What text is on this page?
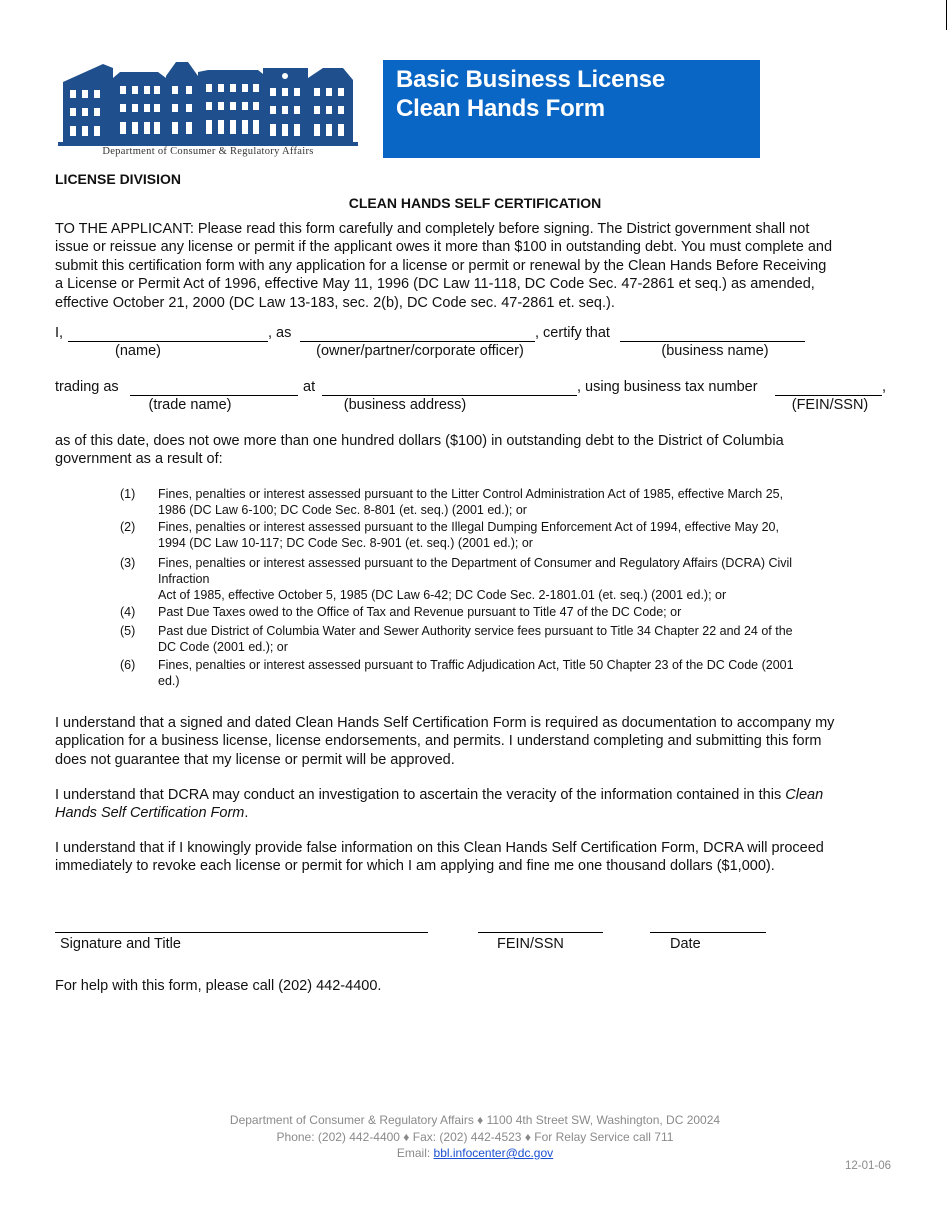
Department of Consumer & Regulatory Affairs
Basic Business License
Clean Hands Form
LICENSE DIVISION
CLEAN HANDS SELF CERTIFICATION
TO THE APPLICANT: Please read this form carefully and completely before signing. The District government shall not
issue or reissue any license or permit if the applicant owes it more than $100 in outstanding debt. You must complete and
submit this certification form with any application for a license or permit or renewal by the Clean Hands Before Receiving
a License or Permit Act of 1996, effective May 11, 1996 (DC Law 11-118, DC Code Sec. 47-2861 et seq.) as amended,
effective October 21, 2000 (DC Law 13-183, sec. 2(b), DC Code sec. 47-2861 et. seq.).
I,	, as	, certify that
(name)	(owner/partner/corporate officer)	(business name)
trading as	at	, using business tax number	,
(trade name)	(business address)	(FEIN/SSN)
as of this date, does not owe more than one hundred dollars ($100) in outstanding debt to the District of Columbia
government as a result of:
(1)	Fines, penalties or interest assessed pursuant to the Litter Control Administration Act of 1985, effective March 25,
1986 (DC Law 6-100; DC Code Sec. 8-801 (et. seq.) (2001 ed.); or
(2)	Fines, penalties or interest assessed pursuant to the Illegal Dumping Enforcement Act of 1994, effective May 20,
1994 (DC Law 10-117; DC Code Sec. 8-901 (et. seq.) (2001 ed.); or
(3)	Fines, penalties or interest assessed pursuant to the Department of Consumer and Regulatory Affairs (DCRA) Civil
Infraction
Act of 1985, effective October 5, 1985 (DC Law 6-42; DC Code Sec. 2-1801.01 (et. seq.) (2001 ed.); or
(4)	Past Due Taxes owed to the Office of Tax and Revenue pursuant to Title 47 of the DC Code; or
(5)	Past due District of Columbia Water and Sewer Authority service fees pursuant to Title 34 Chapter 22 and 24 of the
DC Code (2001 ed.); or
(6)	Fines, penalties or interest assessed pursuant to Traffic Adjudication Act, Title 50 Chapter 23 of the DC Code (2001
ed.)
I understand that a signed and dated Clean Hands Self Certification Form is required as documentation to accompany my
application for a business license, license endorsements, and permits. I understand completing and submitting this form
does not guarantee that my license or permit will be approved.
I understand that DCRA may conduct an investigation to ascertain the veracity of the information contained in this Clean
Hands Self Certification Form.
I understand that if I knowingly provide false information on this Clean Hands Self Certification Form, DCRA will proceed
immediately to revoke each license or permit for which I am applying and fine me one thousand dollars ($1,000).
Signature and Title	FEIN/SSN	Date
For help with this form, please call (202) 442-4400.
Department of Consumer & Regulatory Affairs ♦ 1100 4th Street SW, Washington, DC 20024
Phone: (202) 442-4400 ♦ Fax: (202) 442-4523 ♦ For Relay Service call 711
Email: bbl.infocenter@dc.gov
12-01-06
